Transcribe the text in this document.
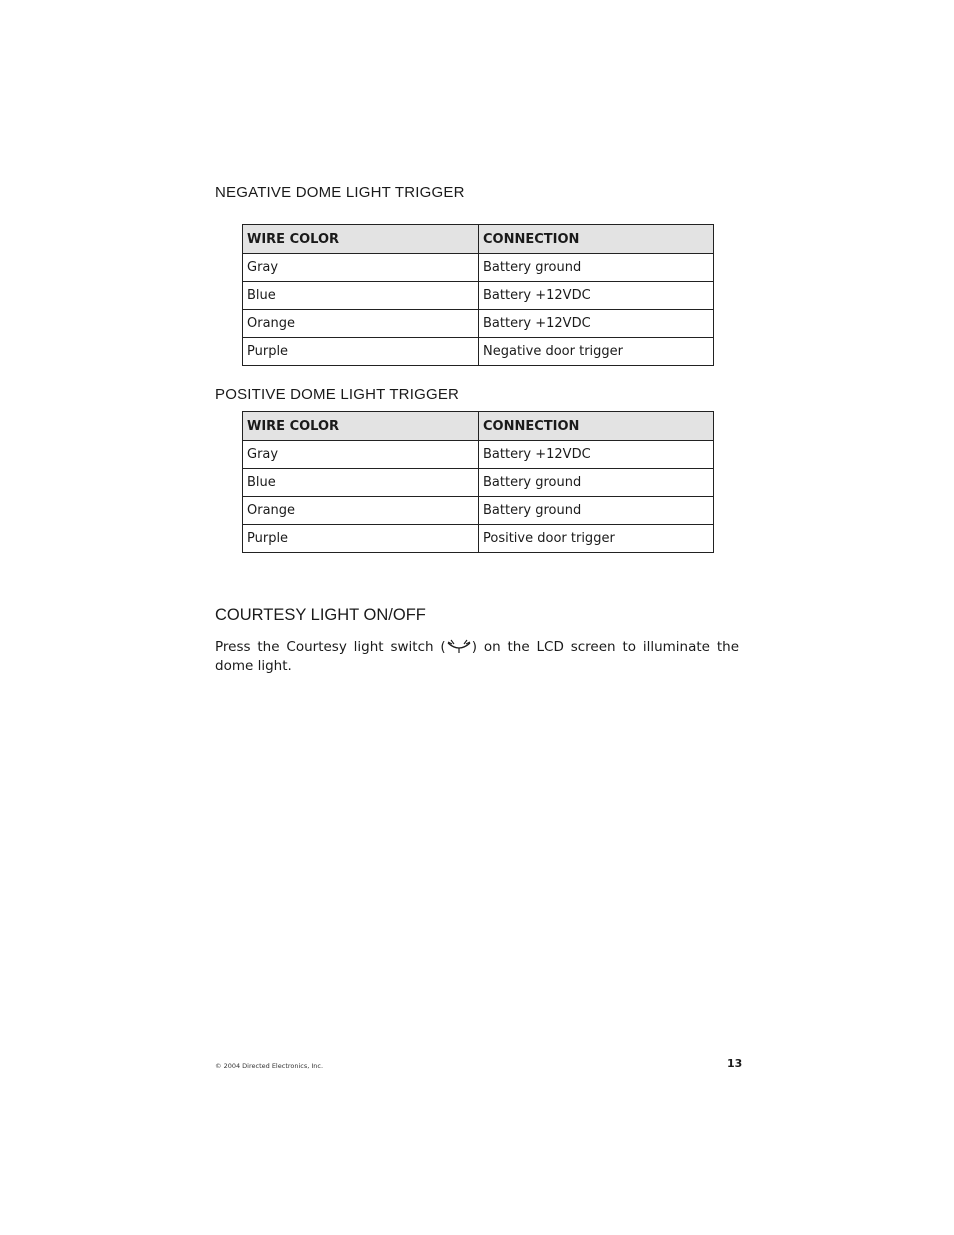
NEGATIVE DOME LIGHT TRIGGER
WIRE COLOR	CONNECTION
Gray	Battery ground
Blue	Battery +12VDC
Orange	Battery +12VDC
Purple	Negative door trigger
POSITIVE DOME LIGHT TRIGGER
WIRE COLOR	CONNECTION
Gray	Battery +12VDC
Blue	Battery ground
Orange	Battery ground
Purple	Positive door trigger
COURTESY LIGHT ON/OFF
Press the Courtesy light switch ( ) on the LCD screen to illuminate the dome light.
© 2004 Directed Electronics, Inc.	13
